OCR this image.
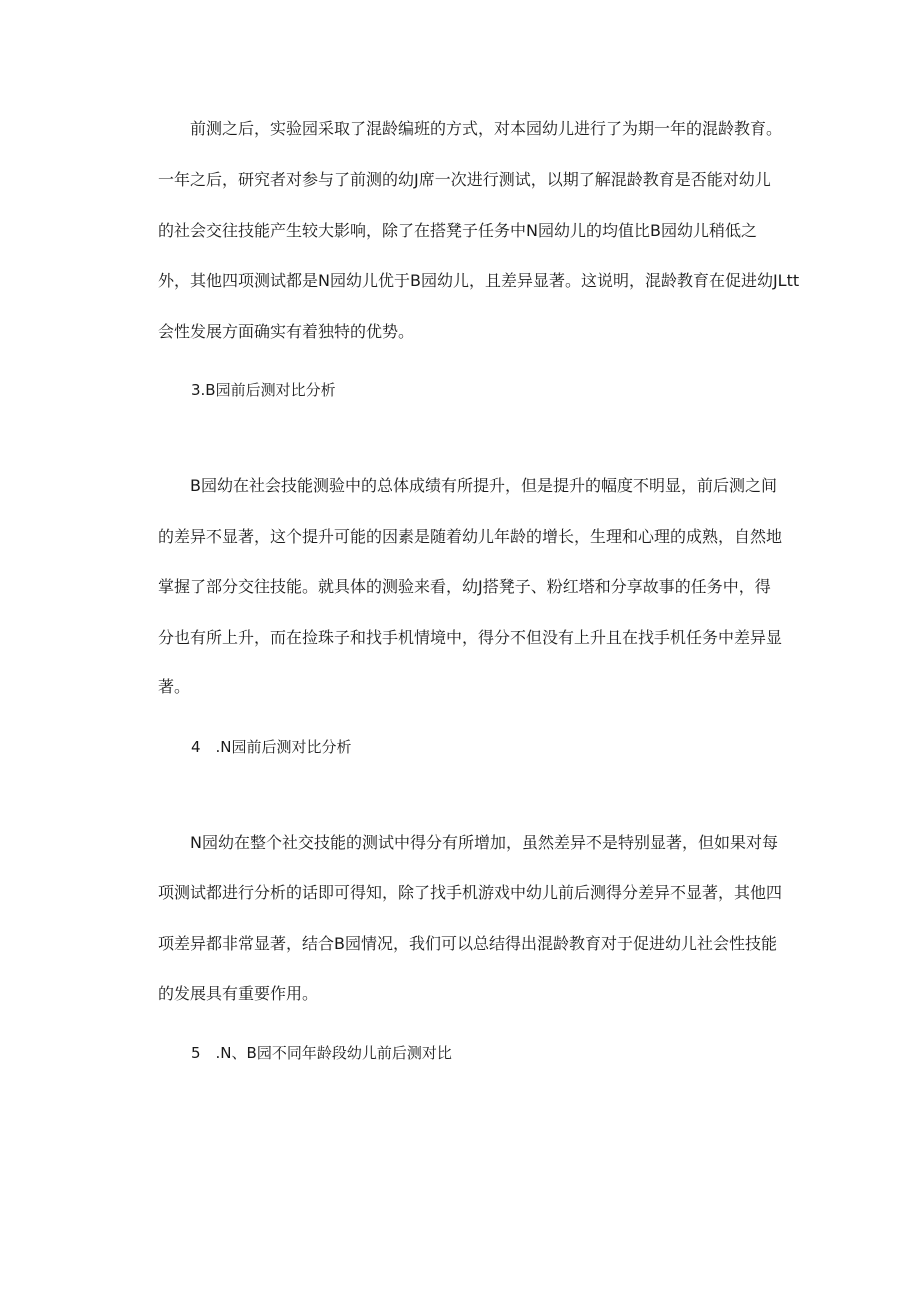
前测之后，实验园采取了混龄编班的方式，对本园幼儿进行了为期一年的混龄教育。
一年之后，研究者对参与了前测的幼J席一次进行测试，以期了解混龄教育是否能对幼儿
的社会交往技能产生较大影响，除了在搭凳子任务中N园幼儿的均值比B园幼儿稍低之
外，其他四项测试都是N园幼儿优于B园幼儿，且差异显著。这说明，混龄教育在促进幼JLtt
会性发展方面确实有着独特的优势。
3.B园前后测对比分析
B园幼在社会技能测验中的总体成绩有所提升，但是提升的幅度不明显，前后测之间
的差异不显著，这个提升可能的因素是随着幼儿年龄的增长，生理和心理的成熟，自然地
掌握了部分交往技能。就具体的测验来看，幼J搭凳子、粉红塔和分享故事的任务中，得
分也有所上升，而在捡珠子和找手机情境中，得分不但没有上升且在找手机任务中差异显
著。
4　.N园前后测对比分析
N园幼在整个社交技能的测试中得分有所增加，虽然差异不是特别显著，但如果对每
项测试都进行分析的话即可得知，除了找手机游戏中幼儿前后测得分差异不显著，其他四
项差异都非常显著，结合B园情况，我们可以总结得出混龄教育对于促进幼儿社会性技能
的发展具有重要作用。
5　.N、B园不同年龄段幼儿前后测对比
